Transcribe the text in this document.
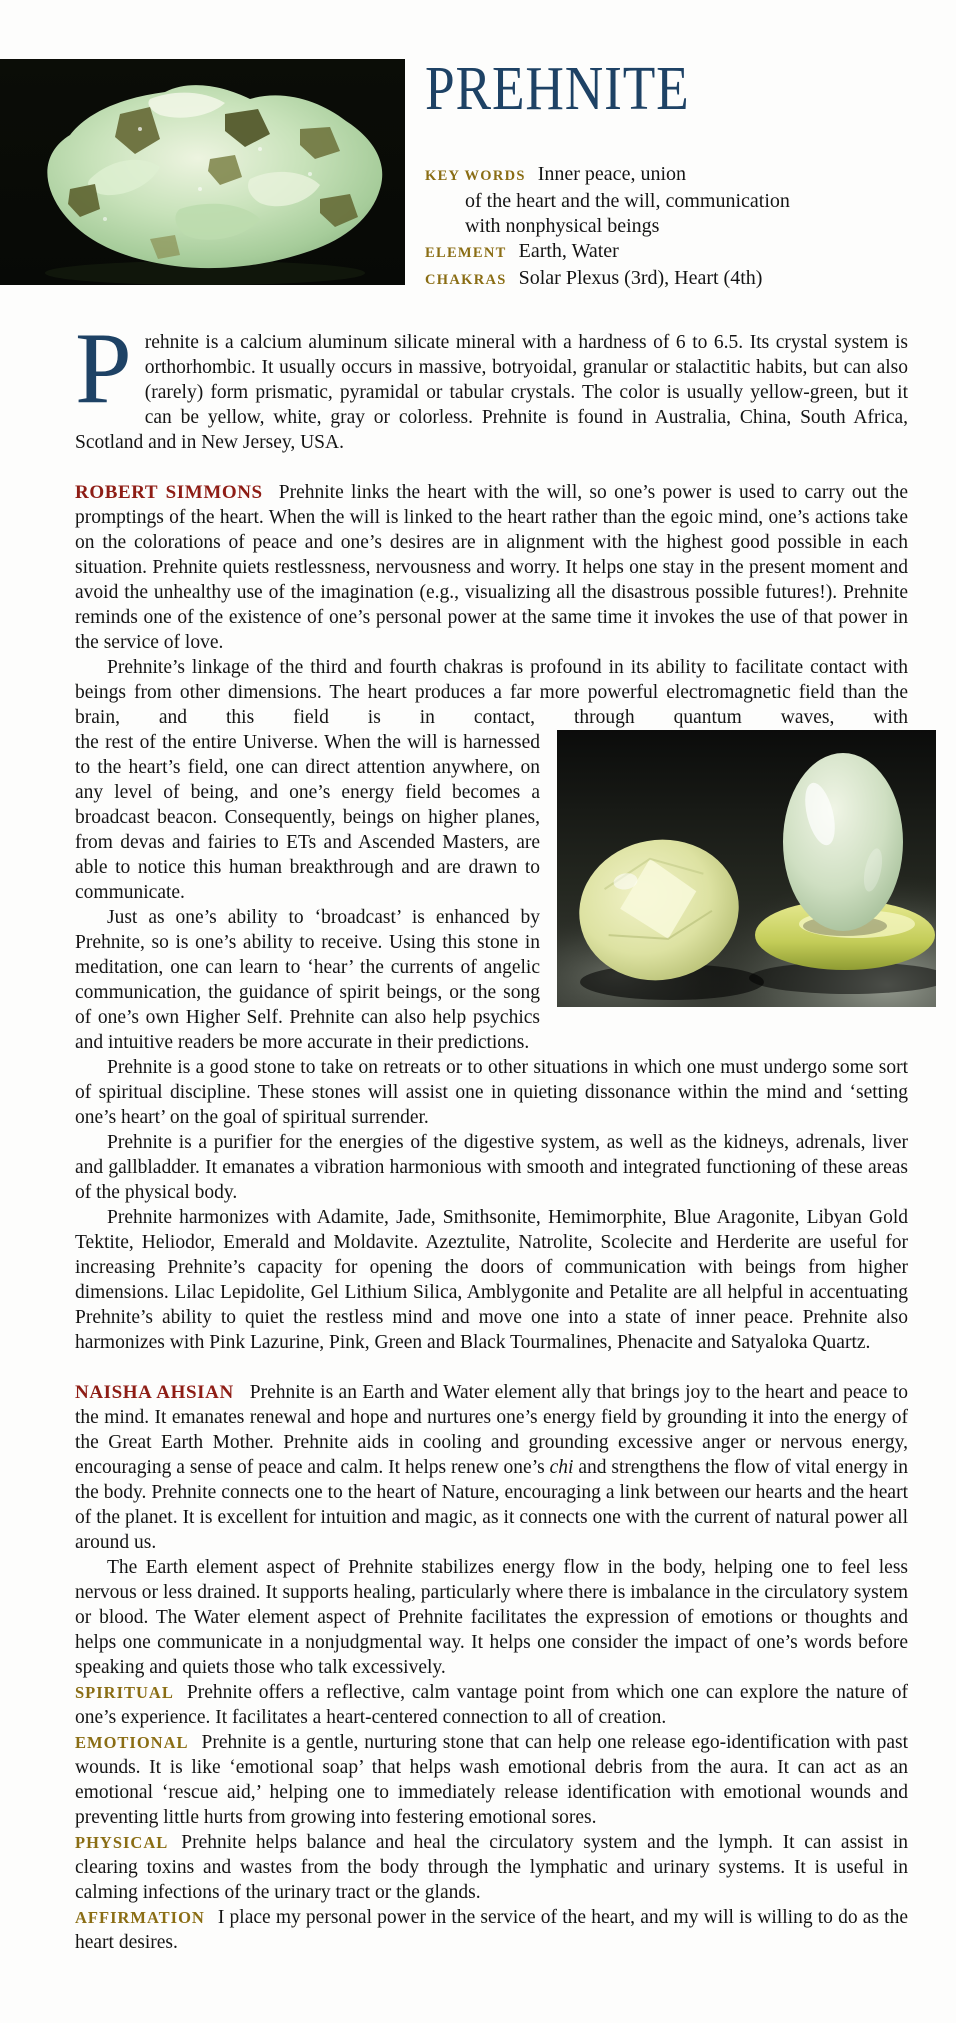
PREHNITE
KEY WORDS Inner peace, union
of the heart and the will, communication
with nonphysical beings
ELEMENT Earth, Water
CHAKRAS Solar Plexus (3rd), Heart (4th)

Prehnite is a calcium aluminum silicate mineral with a hardness of 6 to 6.5. Its crystal system is orthorhombic. It usually occurs in massive, botryoidal, granular or stalactitic habits, but can also (rarely) form prismatic, pyramidal or tabular crystals. The color is usually yellow-green, but it can be yellow, white, gray or colorless. Prehnite is found in Australia, China, South Africa, Scotland and in New Jersey, USA.

ROBERT SIMMONS Prehnite links the heart with the will, so one’s power is used to carry out the promptings of the heart. When the will is linked to the heart rather than the egoic mind, one’s actions take on the colorations of peace and one’s desires are in alignment with the highest good possible in each situation. Prehnite quiets restlessness, nervousness and worry. It helps one stay in the present moment and avoid the unhealthy use of the imagination (e.g., visualizing all the disastrous possible futures!). Prehnite reminds one of the existence of one’s personal power at the same time it invokes the use of that power in the service of love.

Prehnite’s linkage of the third and fourth chakras is profound in its ability to facilitate contact with beings from other dimensions. The heart produces a far more powerful electromagnetic field than the brain, and this field is in contact, through quantum waves, with

the rest of the entire Universe. When the will is harnessed to the heart’s field, one can direct attention anywhere, on any level of being, and one’s energy field becomes a broadcast beacon. Consequently, beings on higher planes, from devas and fairies to ETs and Ascended Masters, are able to notice this human breakthrough and are drawn to communicate.

Just as one’s ability to ‘broadcast’ is enhanced by Prehnite, so is one’s ability to receive. Using this stone in meditation, one can learn to ‘hear’ the currents of angelic communication, the guidance of spirit beings, or the song of one’s own Higher Self. Prehnite can also help psychics and intuitive readers be more accurate in their predictions.

Prehnite is a good stone to take on retreats or to other situations in which one must undergo some sort of spiritual discipline. These stones will assist one in quieting dissonance within the mind and ‘setting one’s heart’ on the goal of spiritual surrender.

Prehnite is a purifier for the energies of the digestive system, as well as the kidneys, adrenals, liver and gallbladder. It emanates a vibration harmonious with smooth and integrated functioning of these areas of the physical body.

Prehnite harmonizes with Adamite, Jade, Smithsonite, Hemimorphite, Blue Aragonite, Libyan Gold Tektite, Heliodor, Emerald and Moldavite. Azeztulite, Natrolite, Scolecite and Herderite are useful for increasing Prehnite’s capacity for opening the doors of communication with beings from higher dimensions. Lilac Lepidolite, Gel Lithium Silica, Amblygonite and Petalite are all helpful in accentuating Prehnite’s ability to quiet the restless mind and move one into a state of inner peace. Prehnite also harmonizes with Pink Lazurine, Pink, Green and Black Tourmalines, Phenacite and Satyaloka Quartz.

NAISHA AHSIAN Prehnite is an Earth and Water element ally that brings joy to the heart and peace to the mind. It emanates renewal and hope and nurtures one’s energy field by grounding it into the energy of the Great Earth Mother. Prehnite aids in cooling and grounding excessive anger or nervous energy, encouraging a sense of peace and calm. It helps renew one’s chi and strengthens the flow of vital energy in the body. Prehnite connects one to the heart of Nature, encouraging a link between our hearts and the heart of the planet. It is excellent for intuition and magic, as it connects one with the current of natural power all around us.

The Earth element aspect of Prehnite stabilizes energy flow in the body, helping one to feel less nervous or less drained. It supports healing, particularly where there is imbalance in the circulatory system or blood. The Water element aspect of Prehnite facilitates the expression of emotions or thoughts and helps one communicate in a nonjudgmental way. It helps one consider the impact of one’s words before speaking and quiets those who talk excessively.

SPIRITUAL Prehnite offers a reflective, calm vantage point from which one can explore the nature of one’s experience. It facilitates a heart-centered connection to all of creation.

EMOTIONAL Prehnite is a gentle, nurturing stone that can help one release ego-identification with past wounds. It is like ‘emotional soap’ that helps wash emotional debris from the aura. It can act as an emotional ‘rescue aid,’ helping one to immediately release identification with emotional wounds and preventing little hurts from growing into festering emotional sores.

PHYSICAL Prehnite helps balance and heal the circulatory system and the lymph. It can assist in clearing toxins and wastes from the body through the lymphatic and urinary systems. It is useful in calming infections of the urinary tract or the glands.

AFFIRMATION I place my personal power in the service of the heart, and my will is willing to do as the heart desires.
